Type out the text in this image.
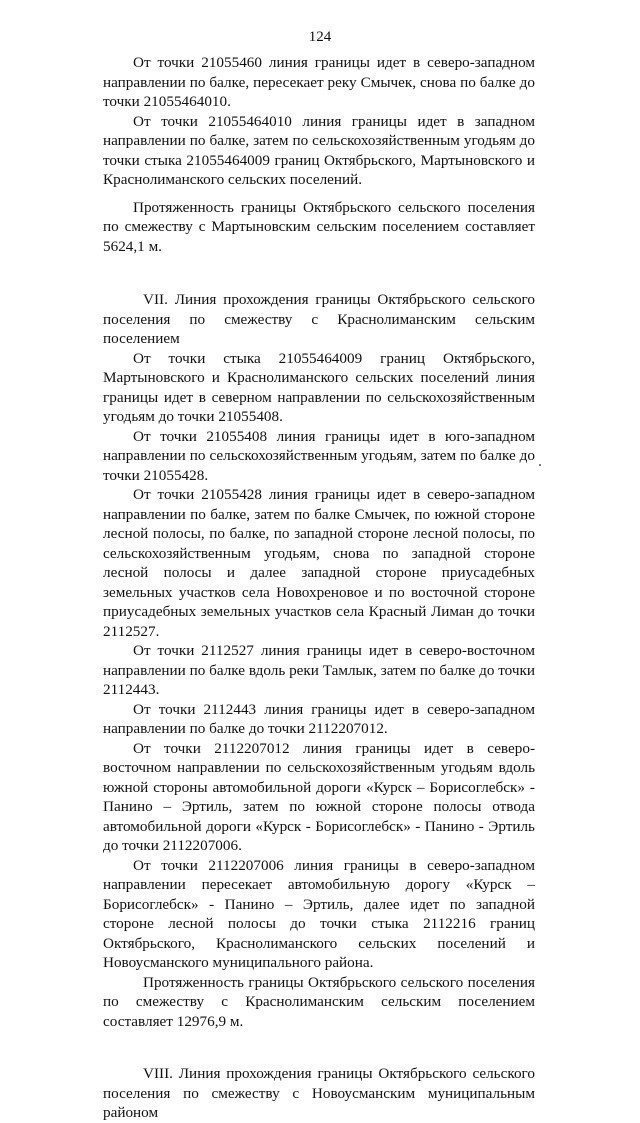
124

От точки 21055460 линия границы идет в северо-западном направлении по балке, пересекает реку Смычек, снова по балке до точки 21055464010.

От точки 21055464010 линия границы идет в западном направлении по балке, затем по сельскохозяйственным угодьям до точки стыка 21055464009 границ Октябрьского, Мартыновского и Краснолиманского сельских поселений.

Протяженность границы Октябрьского сельского поселения по смежеству с Мартыновским сельским поселением составляет 5624,1 м.

VII. Линия прохождения границы Октябрьского сельского поселения по смежеству с Краснолиманским сельским поселением

От точки стыка 21055464009 границ Октябрьского, Мартыновского и Краснолиманского сельских поселений линия границы идет в северном направлении по сельскохозяйственным угодьям до точки 21055408.

От точки 21055408 линия границы идет в юго-западном направлении по сельскохозяйственным угодьям, затем по балке до точки 21055428.

От точки 21055428 линия границы идет в северо-западном направлении по балке, затем по балке Смычек, по южной стороне лесной полосы, по балке, по западной стороне лесной полосы, по сельскохозяйственным угодьям, снова по западной стороне лесной полосы и далее западной стороне приусадебных земельных участков села Новохреновое и по восточной стороне приусадебных земельных участков села Красный Лиман до точки 2112527.

От точки 2112527 линия границы идет в северо-восточном направлении по балке вдоль реки Тамлык, затем по балке до точки 2112443.

От точки 2112443 линия границы идет в северо-западном направлении по балке до точки 2112207012.

От точки 2112207012 линия границы идет в северо-восточном направлении по сельскохозяйственным угодьям вдоль южной стороны автомобильной дороги «Курск – Борисоглебск» - Панино – Эртиль, затем по южной стороне полосы отвода автомобильной дороги «Курск - Борисоглебск» - Панино - Эртиль до точки 2112207006.

От точки 2112207006 линия границы в северо-западном направлении пересекает автомобильную дорогу «Курск – Борисоглебск» - Панино – Эртиль, далее идет по западной стороне лесной полосы до точки стыка 2112216 границ Октябрьского, Краснолиманского сельских поселений и Новоусманского муниципального района.

Протяженность границы Октябрьского сельского поселения по смежеству с Краснолиманским сельским поселением составляет 12976,9 м.

VIII. Линия прохождения границы Октябрьского сельского поселения по смежеству с Новоусманским муниципальным районом
